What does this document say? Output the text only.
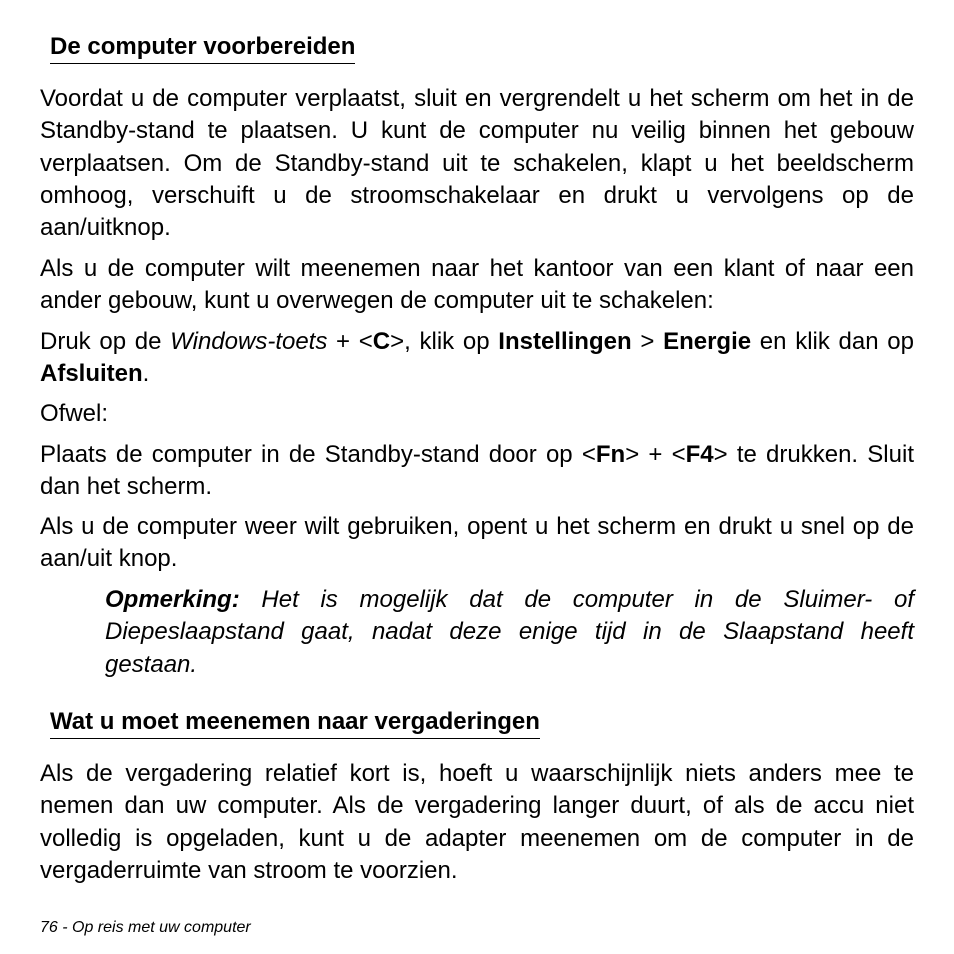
De computer voorbereiden

Voordat u de computer verplaatst, sluit en vergrendelt u het scherm om het in de Standby-stand te plaatsen. U kunt de computer nu veilig binnen het gebouw verplaatsen. Om de Standby-stand uit te schakelen, klapt u het beeldscherm omhoog, verschuift u de stroomschakelaar en drukt u vervolgens op de aan/uitknop.

Als u de computer wilt meenemen naar het kantoor van een klant of naar een ander gebouw, kunt u overwegen de computer uit te schakelen:

Druk op de Windows-toets + <C>, klik op Instellingen > Energie en klik dan op Afsluiten.

Ofwel:

Plaats de computer in de Standby-stand door op <Fn> + <F4> te drukken. Sluit dan het scherm.

Als u de computer weer wilt gebruiken, opent u het scherm en drukt u snel op de aan/uit knop.

Opmerking: Het is mogelijk dat de computer in de Sluimer- of Diepeslaapstand gaat, nadat deze enige tijd in de Slaapstand heeft gestaan.

Wat u moet meenemen naar vergaderingen

Als de vergadering relatief kort is, hoeft u waarschijnlijk niets anders mee te nemen dan uw computer. Als de vergadering langer duurt, of als de accu niet volledig is opgeladen, kunt u de adapter meenemen om de computer in de vergaderruimte van stroom te voorzien.

76 - Op reis met uw computer
